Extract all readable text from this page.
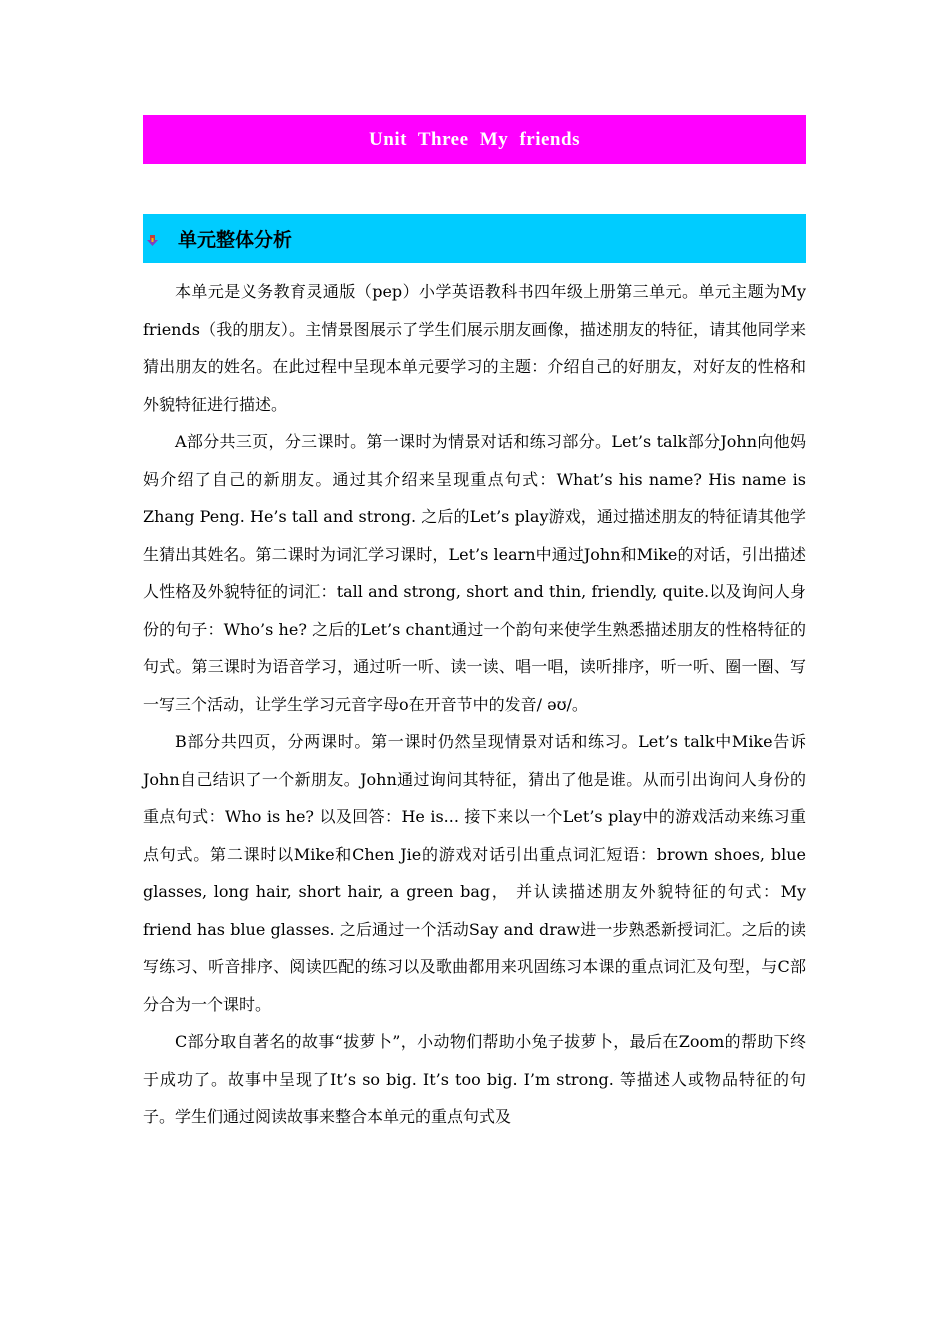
Unit Three My friends
单元整体分析

本单元是义务教育灵通版（pep）小学英语教科书四年级上册第三单元。单元主题为My friends（我的朋友）。主情景图展示了学生们展示朋友画像，描述朋友的特征，请其他同学来猜出朋友的姓名。在此过程中呈现本单元要学习的主题：介绍自己的好朋友，对好友的性格和外貌特征进行描述。

A部分共三页，分三课时。第一课时为情景对话和练习部分。Let’s talk部分John向他妈妈介绍了自己的新朋友。通过其介绍来呈现重点句式：What’s his name? His name is Zhang Peng. He’s tall and strong. 之后的Let’s play游戏，通过描述朋友的特征请其他学生猜出其姓名。第二课时为词汇学习课时，Let’s learn中通过John和Mike的对话，引出描述人性格及外貌特征的词汇：tall and strong, short and thin, friendly, quite.以及询问人身份的句子：Who’s he? 之后的Let’s chant通过一个韵句来使学生熟悉描述朋友的性格特征的句式。第三课时为语音学习，通过听一听、读一读、唱一唱，读听排序，听一听、圈一圈、写一写三个活动，让学生学习元音字母o在开音节中的发音/ əʊ/。

B部分共四页，分两课时。第一课时仍然呈现情景对话和练习。Let’s talk中Mike告诉John自己结识了一个新朋友。John通过询问其特征，猜出了他是谁。从而引出询问人身份的重点句式：Who is he? 以及回答：He is... 接下来以一个Let’s play中的游戏活动来练习重点句式。第二课时以Mike和Chen Jie的游戏对话引出重点词汇短语：brown shoes, blue glasses, long hair, short hair, a green bag， 并认读描述朋友外貌特征的句式：My friend has blue glasses. 之后通过一个活动Say and draw进一步熟悉新授词汇。之后的读写练习、听音排序、阅读匹配的练习以及歌曲都用来巩固练习本课的重点词汇及句型，与C部分合为一个课时。

C部分取自著名的故事“拔萝卜”，小动物们帮助小兔子拔萝卜，最后在Zoom的帮助下终于成功了。故事中呈现了It’s so big. It’s too big. I’m strong. 等描述人或物品特征的句子。学生们通过阅读故事来整合本单元的重点句式及
